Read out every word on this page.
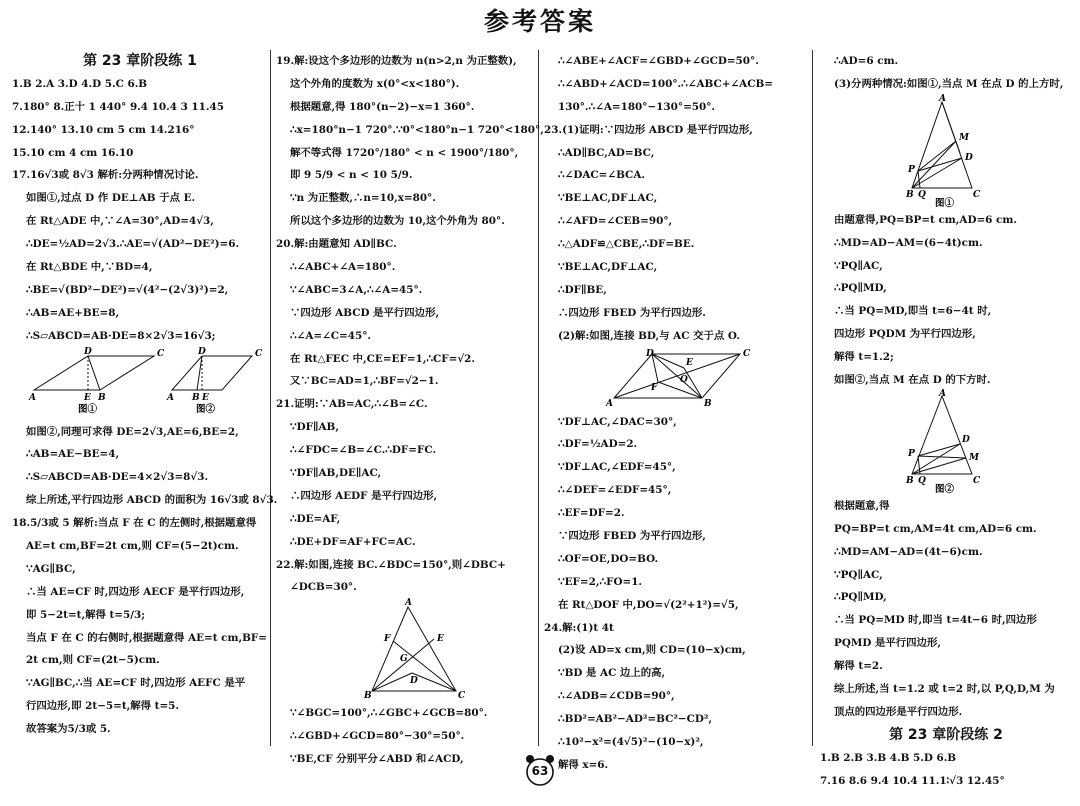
参考答案
第 23 章阶段练 1
1.B 2.A 3.D 4.D 5.C 6.B
7.180° 8.正十 1 440° 9.4 10.4 3 11.45
12.140° 13.10 cm 5 cm 14.216°
15.10 cm 4 cm 16.10
17.16√3或 8√3 解析:分两种情况讨论.
如图①,过点 D 作 DE⊥AB 于点 E.
在 Rt△ADE 中,∵∠A=30°,AD=4√3,
∴DE=½AD=2√3.∴AE=√(AD²−DE²)=6.
在 Rt△BDE 中,∵BD=4,
∴BE=√(BD²−DE²)=√(4²−(2√3)²)=2,
∴AB=AE+BE=8,
∴S▱ABCD=AB·DE=8×2√3=16√3;
A
D	C
E B
图①
A
D	C
B E
图②
如图②,同理可求得 DE=2√3,AE=6,BE=2,
∴AB=AE−BE=4,
∴S▱ABCD=AB·DE=4×2√3=8√3.
综上所述,平行四边形 ABCD 的面积为 16√3或 8√3.
18.5/3或 5 解析:当点 F 在 C 的左侧时,根据题意得
AE=t cm,BF=2t cm,则 CF=(5−2t)cm.
∵AG∥BC,
∴当 AE=CF 时,四边形 AECF 是平行四边形,
即 5−2t=t,解得 t=5/3;
当点 F 在 C 的右侧时,根据题意得 AE=t cm,BF=
2t cm,则 CF=(2t−5)cm.
∵AG∥BC,∴当 AE=CF 时,四边形 AEFC 是平
行四边形,即 2t−5=t,解得 t=5.
故答案为5/3或 5.
19.解:设这个多边形的边数为 n(n>2,n 为正整数),
这个外角的度数为 x(0°<x<180°).
根据题意,得 180°(n−2)−x=1 360°.
∴x=180°n−1 720°.∵0°<180°n−1 720°<180°,
解不等式得 1720°/180° < n < 1900°/180°,
即 9 5/9 < n < 10 5/9.
∵n 为正整数,∴n=10,x=80°.
所以这个多边形的边数为 10,这个外角为 80°.
20.解:由题意知 AD∥BC.
∴∠ABC+∠A=180°.
∵∠ABC=3∠A,∴∠A=45°.
∵四边形 ABCD 是平行四边形,
∴∠A=∠C=45°.
在 Rt△FEC 中,CE=EF=1,∴CF=√2.
又∵BC=AD=1,∴BF=√2−1.
21.证明:∵AB=AC,∴∠B=∠C.
∵DF∥AB,
∴∠FDC=∠B=∠C.∴DF=FC.
∵DF∥AB,DE∥AC,
∴四边形 AEDF 是平行四边形,
∴DE=AF,
∴DE+DF=AF+FC=AC.
22.解:如图,连接 BC.∠BDC=150°,则∠DBC+
∠DCB=30°.
A
F	E
G
D
B	C
∵∠BGC=100°,∴∠GBC+∠GCB=80°.
∴∠GBD+∠GCD=80°−30°=50°.
∵BE,CF 分别平分∠ABD 和∠ACD,
∴∠ABE+∠ACF=∠GBD+∠GCD=50°.
∴∠ABD+∠ACD=100°.∴∠ABC+∠ACB=
130°.∴∠A=180°−130°=50°.
23.(1)证明:∵四边形 ABCD 是平行四边形,
∴AD∥BC,AD=BC,
∴∠DAC=∠BCA.
∵BE⊥AC,DF⊥AC,
∴∠AFD=∠CEB=90°,
∴△ADF≌△CBE,∴DF=BE.
∵BE⊥AC,DF⊥AC,
∴DF∥BE,
∴四边形 FBED 为平行四边形.
(2)解:如图,连接 BD,与 AC 交于点 O.
D	C
A	B
F
E
O
∵DF⊥AC,∠DAC=30°,
∴DF=½AD=2.
∵DF⊥AC,∠EDF=45°,
∴∠DEF=∠EDF=45°,
∴EF=DF=2.
∵四边形 FBED 为平行四边形,
∴OF=OE,DO=BO.
∵EF=2,∴FO=1.
在 Rt△DOF 中,DO=√(2²+1²)=√5,
24.解:(1)t 4t
(2)设 AD=x cm,则 CD=(10−x)cm,
∵BD 是 AC 边上的高,
∴∠ADB=∠CDB=90°,
∴BD²=AB²−AD²=BC²−CD²,
∴10²−x²=(4√5)²−(10−x)²,
解得 x=6.
∴AD=6 cm.
(3)分两种情况:如图①,当点 M 在点 D 的上方时,
A
M
D
P
B Q	C
图①
由题意得,PQ=BP=t cm,AD=6 cm.
∴MD=AD−AM=(6−4t)cm.
∵PQ∥AC,
∴PQ∥MD,
∴当 PQ=MD,即当 t=6−4t 时,
四边形 PQDM 为平行四边形,
解得 t=1.2;
如图②,当点 M 在点 D 的下方时.
A
D
M
P
B Q	C
图②
根据题意,得
PQ=BP=t cm,AM=4t cm,AD=6 cm.
∴MD=AM−AD=(4t−6)cm.
∵PQ∥AC,
∴PQ∥MD,
∴当 PQ=MD 时,即当 t=4t−6 时,四边形
PQMD 是平行四边形,
解得 t=2.
综上所述,当 t=1.2 或 t=2 时,以 P,Q,D,M 为
顶点的四边形是平行四边形.
第 23 章阶段练 2
1.B 2.B 3.B 4.B 5.D 6.B
7.16 8.6 9.4 10.4 11.1∶√3 12.45°
63
